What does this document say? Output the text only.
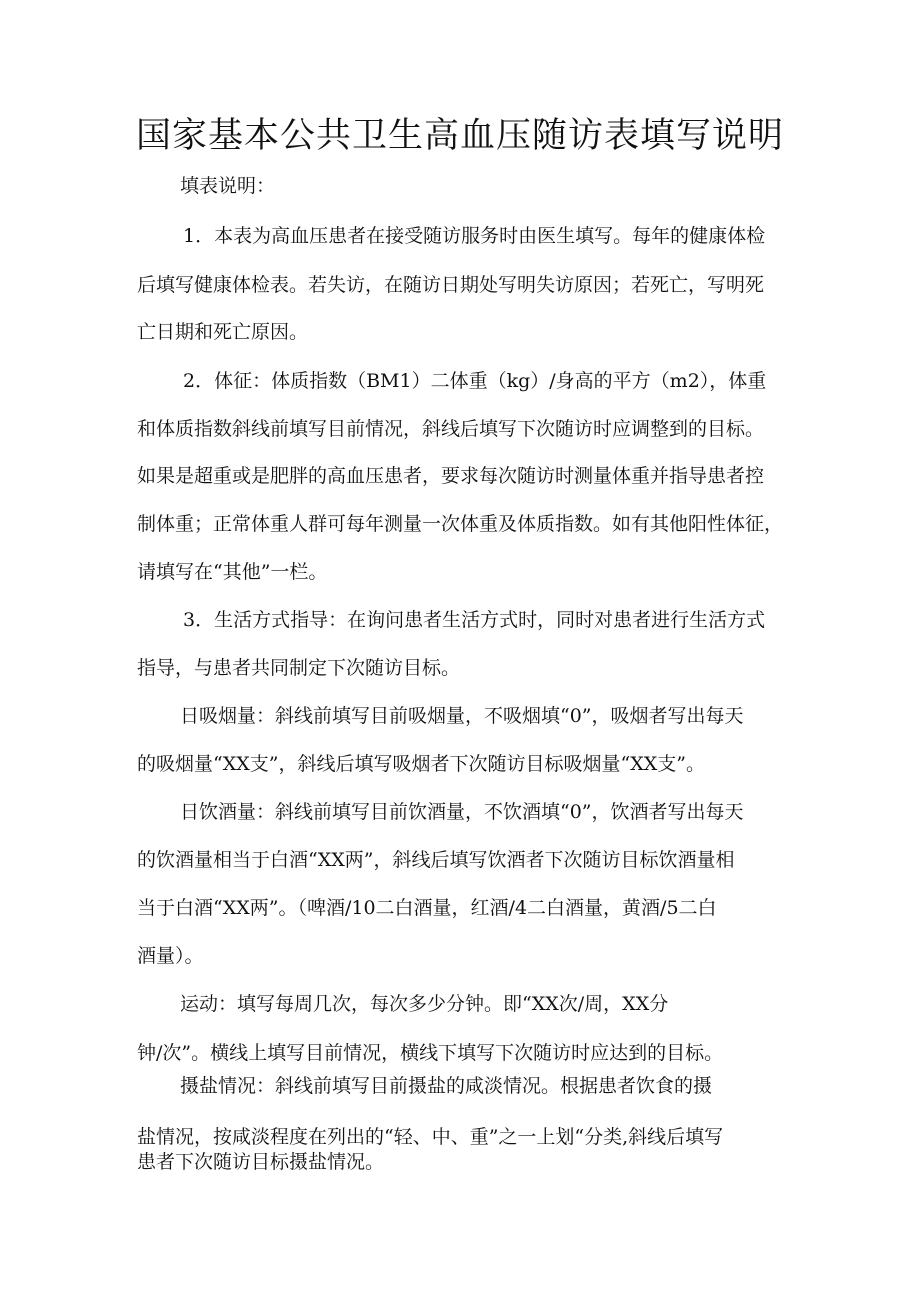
国家基本公共卫生高血压随访表填写说明
填表说明：
1．本表为高血压患者在接受随访服务时由医生填写。每年的健康体检
后填写健康体检表。若失访，在随访日期处写明失访原因；若死亡，写明死
亡日期和死亡原因。
2．体征：体质指数（BM1）二体重（kg）/身高的平方（m2），体重
和体质指数斜线前填写目前情况，斜线后填写下次随访时应调整到的目标。
如果是超重或是肥胖的高血压患者，要求每次随访时测量体重并指导患者控
制体重；正常体重人群可每年测量一次体重及体质指数。如有其他阳性体征，
请填写在“其他”一栏。
3．生活方式指导：在询问患者生活方式时，同时对患者进行生活方式
指导，与患者共同制定下次随访目标。
日吸烟量：斜线前填写目前吸烟量，不吸烟填“0”，吸烟者写出每天
的吸烟量“XX支”，斜线后填写吸烟者下次随访目标吸烟量“XX支”。
日饮酒量：斜线前填写目前饮酒量，不饮酒填“0”，饮酒者写出每天
的饮酒量相当于白酒“XX两”，斜线后填写饮酒者下次随访目标饮酒量相
当于白酒“XX两”。（啤酒/10二白酒量，红酒/4二白酒量，黄酒/5二白
酒量）。
运动：填写每周几次，每次多少分钟。即“XX次/周，XX分
钟/次”。横线上填写目前情况，横线下填写下次随访时应达到的目标。
摄盐情况：斜线前填写目前摄盐的咸淡情况。根据患者饮食的摄
盐情况，按咸淡程度在列出的“轻、中、重”之一上划“分类,斜线后填写
患者下次随访目标摄盐情况。
